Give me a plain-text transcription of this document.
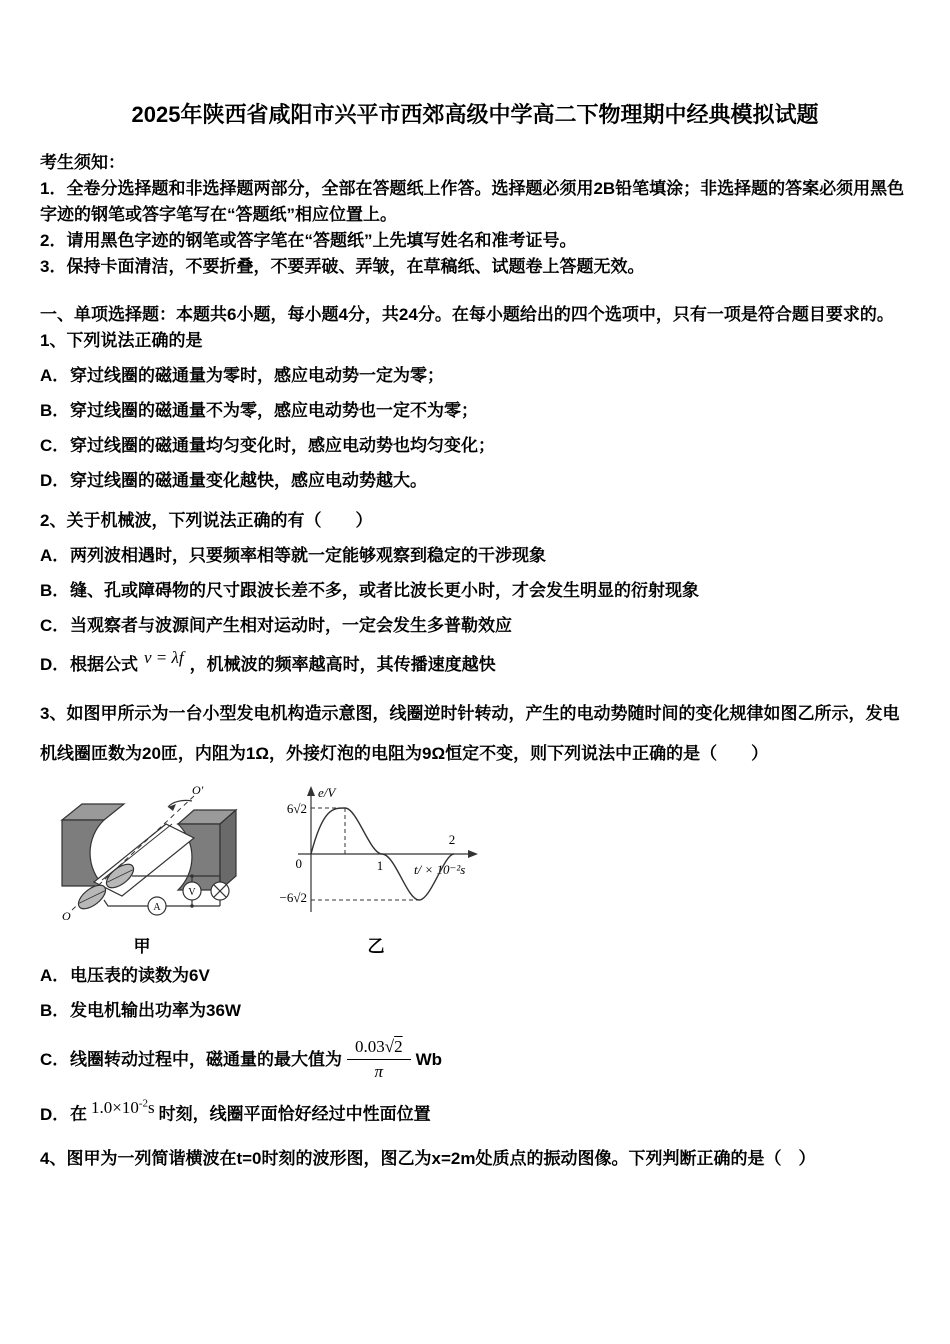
2025年陕西省咸阳市兴平市西郊高级中学高二下物理期中经典模拟试题
考生须知：
1．全卷分选择题和非选择题两部分，全部在答题纸上作答。选择题必须用2B铅笔填涂；非选择题的答案必须用黑色字迹的钢笔或答字笔写在“答题纸”相应位置上。
2．请用黑色字迹的钢笔或答字笔在“答题纸”上先填写姓名和准考证号。
3．保持卡面清洁，不要折叠，不要弄破、弄皱，在草稿纸、试题卷上答题无效。
一、单项选择题：本题共6小题，每小题4分，共24分。在每小题给出的四个选项中，只有一项是符合题目要求的。
1、下列说法正确的是
A．穿过线圈的磁通量为零时，感应电动势一定为零；
B．穿过线圈的磁通量不为零，感应电动势也一定不为零；
C．穿过线圈的磁通量均匀变化时，感应电动势也均匀变化；
D．穿过线圈的磁通量变化越快，感应电动势越大。
2、关于机械波，下列说法正确的有（　　）
A．两列波相遇时，只要频率相等就一定能够观察到稳定的干涉现象
B．缝、孔或障碍物的尺寸跟波长差不多，或者比波长更小时，才会发生明显的衍射现象
C．当观察者与波源间产生相对运动时，一定会发生多普勒效应
D．根据公式 v = λf ，机械波的频率越高时，其传播速度越快
3、如图甲所示为一台小型发电机构造示意图，线圈逆时针转动，产生的电动势随时间的变化规律如图乙所示，发电机线圈匝数为20匝，内阻为1Ω，外接灯泡的电阻为9Ω恒定不变，则下列说法中正确的是（　　）
O′
O
A
V
甲
e/V
t/ × 10⁻²s
0
6√2
−6√2
1
2
乙
A．电压表的读数为6V
B．发电机输出功率为36W
C． 线圈转动过程中，磁通量的最大值为 $\frac{0.03√2}{\pi}$ Wb
D．在 $1.0\times 10^{-2}s$ 时刻，线圈平面恰好经过中性面位置
4、图甲为一列简谐横波在t=0时刻的波形图，图乙为x=2m处质点的振动图像。下列判断正确的是（　）
